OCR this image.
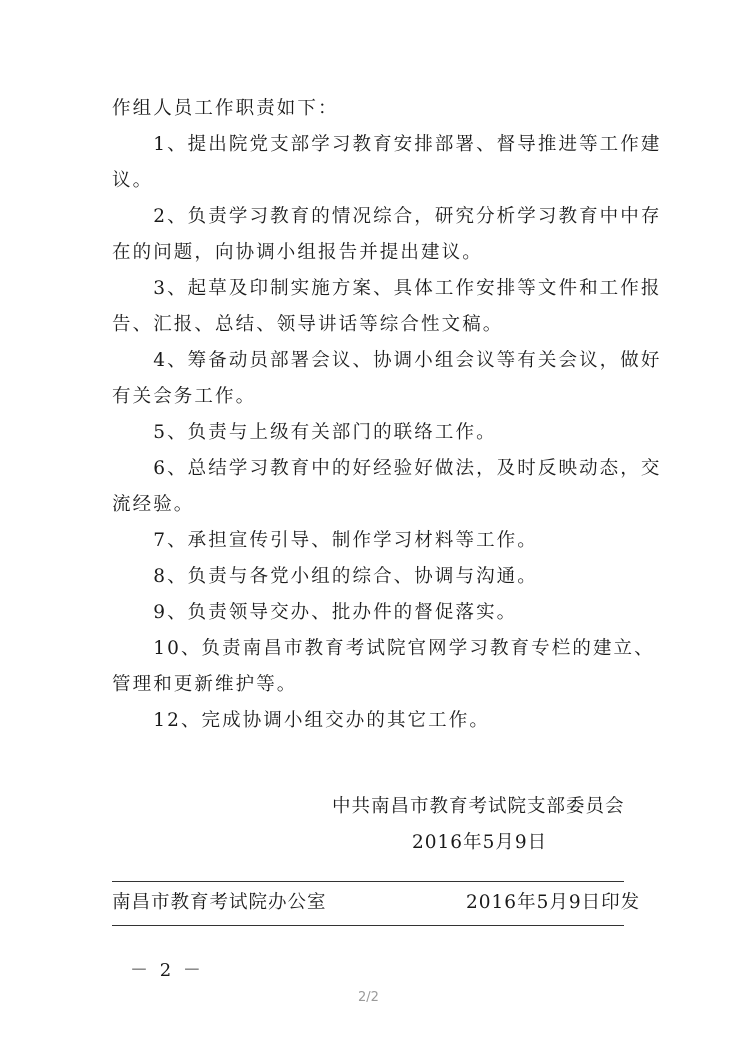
作组人员工作职责如下：
　　1、提出院党支部学习教育安排部署、督导推进等工作建
议。
　　2、负责学习教育的情况综合，研究分析学习教育中中存
在的问题，向协调小组报告并提出建议。
　　3、起草及印制实施方案、具体工作安排等文件和工作报
告、汇报、总结、领导讲话等综合性文稿。
　　4、筹备动员部署会议、协调小组会议等有关会议，做好
有关会务工作。
　　5、负责与上级有关部门的联络工作。
　　6、总结学习教育中的好经验好做法，及时反映动态，交
流经验。
　　7、承担宣传引导、制作学习材料等工作。
　　8、负责与各党小组的综合、协调与沟通。
　　9、负责领导交办、批办件的督促落实。
　　10、负责南昌市教育考试院官网学习教育专栏的建立、
管理和更新维护等。
　　12、完成协调小组交办的其它工作。
中共南昌市教育考试院支部委员会
2016年5月9日
南昌市教育考试院办公室	2016年5月9日印发
－ 2 －
2/2
